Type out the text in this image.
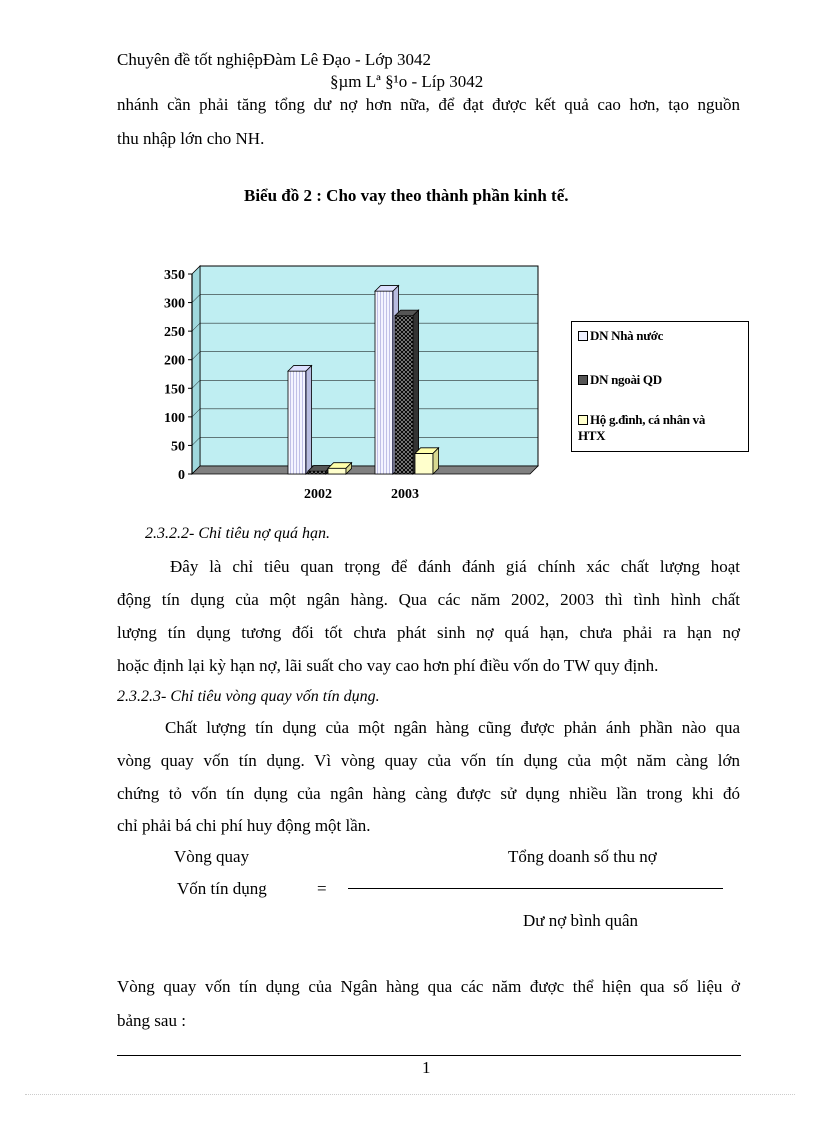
Chuyên đề tốt nghiệpĐàm Lê Đạo - Lớp 3042
§µm Lª §¹o - Líp 3042
nhánh cần phải tăng tổng dư nợ hơn nữa, để đạt được kết quả cao hơn, tạo nguồn
thu nhập lớn cho NH.
Biểu đồ 2 : Cho vay theo thành phần kinh tế.
0
50
100
150
200
250
300
350
2002	2003
DN Nhà nước
DN ngoài QD
Hộ g.đình, cá nhân và
HTX
2.3.2.2- Chỉ tiêu nợ quá hạn.
Đây là chỉ tiêu quan trọng để đánh đánh giá chính xác chất lượng hoạt
động tín dụng của một ngân hàng. Qua các năm 2002, 2003 thì tình hình chất
lượng tín dụng tương đối tốt chưa phát sinh nợ quá hạn, chưa phải ra hạn nợ
hoặc định lại kỳ hạn nợ, lãi suất cho vay cao hơn phí điều vốn do TW quy định.
2.3.2.3- Chỉ tiêu vòng quay vốn tín dụng.
Chất lượng tín dụng của một ngân hàng cũng được phản ánh phần nào qua
vòng quay vốn tín dụng. Vì vòng quay của vốn tín dụng của một năm càng lớn
chứng tỏ vốn tín dụng của ngân hàng càng được sử dụng nhiều lần trong khi đó
chỉ phải bá chi phí huy động một lần.
Vòng quay	Tổng doanh số thu nợ
Vốn tín dụng	=
Dư nợ bình quân
Vòng quay vốn tín dụng của Ngân hàng qua các năm được thể hiện qua số liệu ở
bảng sau :
1
